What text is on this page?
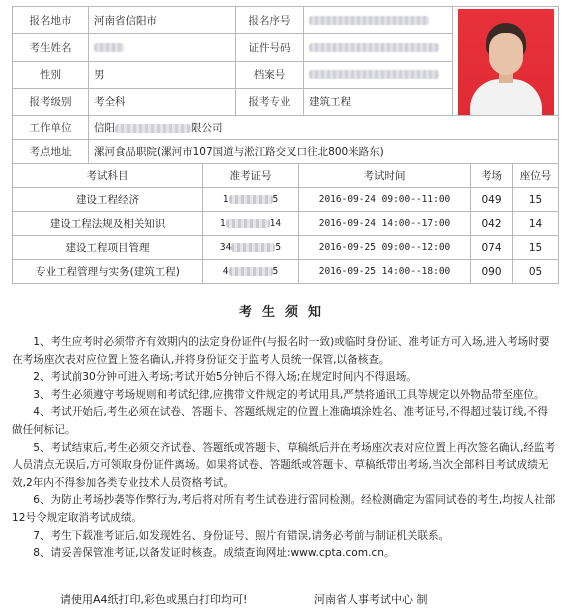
报名地市	河南省信阳市	报名序号		

考生姓名		证件号码		
性别	男	档案号		
报考级别	考全科	报考专业	建筑工程	
工作单位	信阳 限公司			
考点地址	漯河食品职院(漯河市107国道与淞江路交叉口往北800米路东)			
考试科目	准考证号	考试时间	考场	座位号
建设工程经济	1 5	2016-09-24 09:00--11:00	049	15
建设工程法规及相关知识	1 14	2016-09-24 14:00--17:00	042	14
建设工程项目管理	34 5	2016-09-25 09:00--12:00	074	15
专业工程管理与实务(建筑工程)	4 5	2016-09-25 14:00--18:00	090	05
考生须知

1、考生应考时必须带齐有效期内的法定身份证件(与报名时一致)或临时身份证、准考证方可入场,进入考场时要在考场座次表对应位置上签名确认,并将身份证交于监考人员统一保管,以备核查。

2、考试前30分钟可进入考场;考试开始5分钟后不得入场;在规定时间内不得退场。

3、考生必须遵守考场规则和考试纪律,应携带文件规定的考试用具,严禁将通讯工具等规定以外物品带至座位。

4、考试开始后,考生必须在试卷、答题卡、答题纸规定的位置上准确填涂姓名、准考证号,不得超过装订线,不得做任何标记。

5、考试结束后,考生必须交齐试卷、答题纸或答题卡、草稿纸后并在考场座次表对应位置上再次签名确认,经监考人员清点无误后,方可领取身份证件离场。如果将试卷、答题纸或答题卡、草稿纸带出考场,当次全部科目考试成绩无效,2年内不得参加各类专业技术人员资格考试。

6、为防止考场抄袭等作弊行为,考后将对所有考生试卷进行雷同检测。经检测确定为雷同试卷的考生,均按人社部12号令规定取消考试成绩。

7、考生下载准考证后,如发现姓名、身份证号、照片有错误,请务必考前与制证机关联系。

8、请妥善保管准考证,以备发证时核查。成绩查询网址:www.cpta.com.cn。

请使用A4纸打印,彩色或黑白打印均可!	河南省人事考试中心 制
